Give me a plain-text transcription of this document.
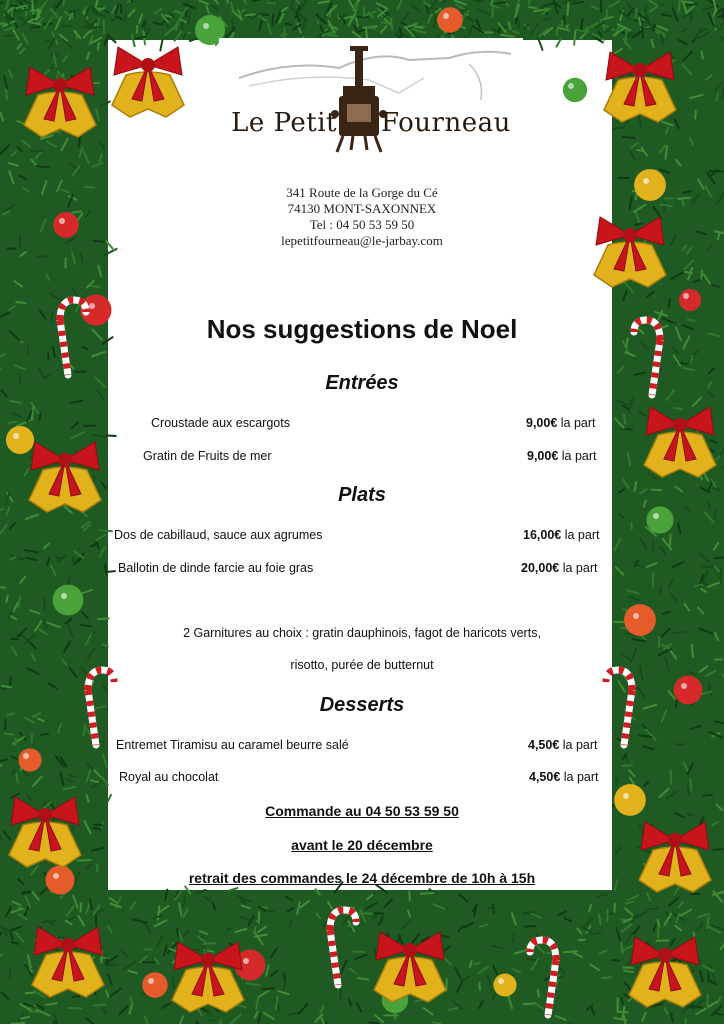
Le Petit Fourneau
341 Route de la Gorge du Cé
74130 MONT-SAXONNEX
Tel : 04 50 53 59 50
lepetitfourneau@le-jarbay.com
Nos suggestions de Noel
Entrées
Croustade aux escargots	9,00€ la part
Gratin de Fruits de mer	9,00€ la part
Plats
Dos de cabillaud, sauce aux agrumes	16,00€ la part
Ballotin de dinde farcie au foie gras	20,00€ la part
2 Garnitures au choix : gratin dauphinois, fagot de haricots verts,
risotto, purée de butternut
Desserts
Entremet Tiramisu au caramel beurre salé	4,50€ la part
Royal au chocolat	4,50€ la part
Commande au 04 50 53 59 50
avant le 20 décembre
retrait des commandes le 24 décembre de 10h à 15h
